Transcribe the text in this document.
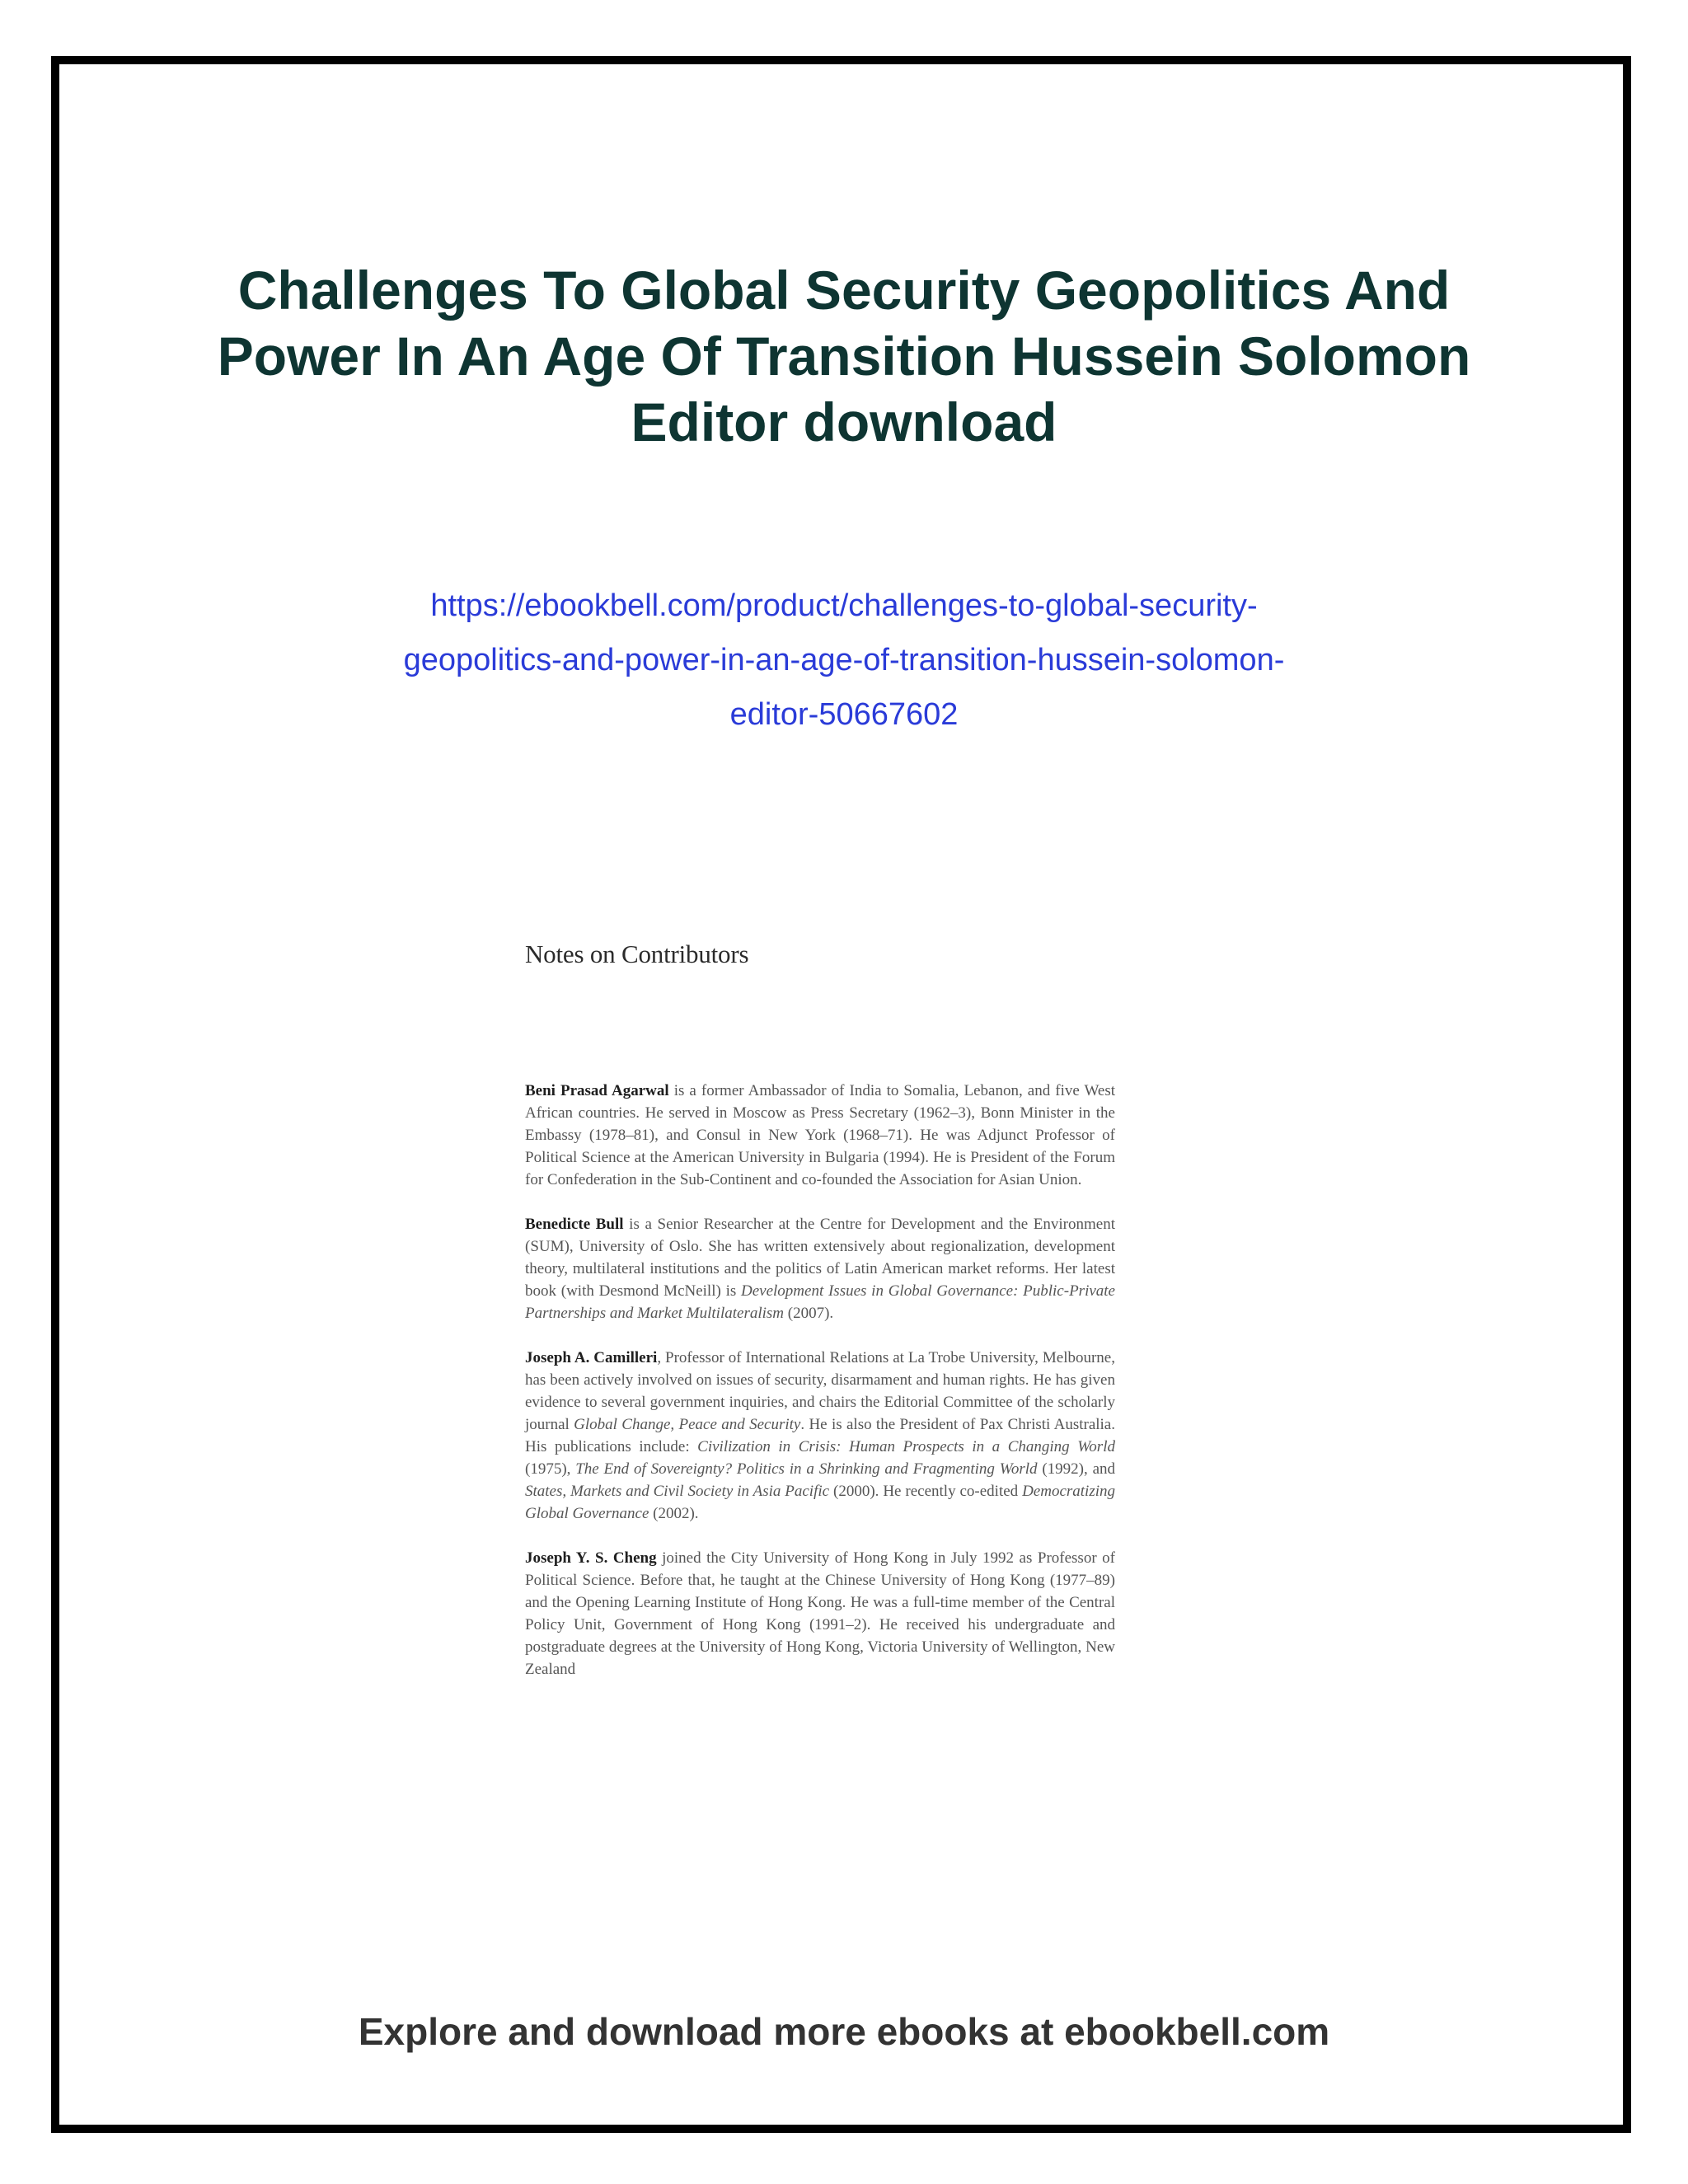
Challenges To Global Security Geopolitics And
Power In An Age Of Transition Hussein Solomon
Editor download
https://ebookbell.com/product/challenges-to-global-security-
geopolitics-and-power-in-an-age-of-transition-hussein-solomon-
editor-50667602
Notes on Contributors

Beni Prasad Agarwal is a former Ambassador of India to Somalia, Lebanon, and five West African countries. He served in Moscow as Press Secretary (1962–3), Bonn Minister in the Embassy (1978–81), and Consul in New York (1968–71). He was Adjunct Professor of Political Science at the American University in Bulgaria (1994). He is President of the Forum for Confederation in the Sub-Continent and co-founded the Association for Asian Union.

Benedicte Bull is a Senior Researcher at the Centre for Development and the Environment (SUM), University of Oslo. She has written extensively about regionalization, development theory, multilateral institutions and the politics of Latin American market reforms. Her latest book (with Desmond McNeill) is Development Issues in Global Governance: Public-Private Partnerships and Market Multilateralism (2007).

Joseph A. Camilleri, Professor of International Relations at La Trobe University, Melbourne, has been actively involved on issues of security, disarmament and human rights. He has given evidence to several government inquiries, and chairs the Editorial Committee of the scholarly journal Global Change, Peace and Security. He is also the President of Pax Christi Australia. His publications include: Civilization in Crisis: Human Prospects in a Changing World (1975), The End of Sovereignty? Politics in a Shrinking and Fragmenting World (1992), and States, Markets and Civil Society in Asia Pacific (2000). He recently co-edited Democratizing Global Governance (2002).

Joseph Y. S. Cheng joined the City University of Hong Kong in July 1992 as Professor of Political Science. Before that, he taught at the Chinese University of Hong Kong (1977–89) and the Opening Learning Institute of Hong Kong. He was a full-time member of the Central Policy Unit, Government of Hong Kong (1991–2). He received his undergraduate and postgraduate degrees at the University of Hong Kong, Victoria University of Wellington, New Zealand

Explore and download more ebooks at ebookbell.com
